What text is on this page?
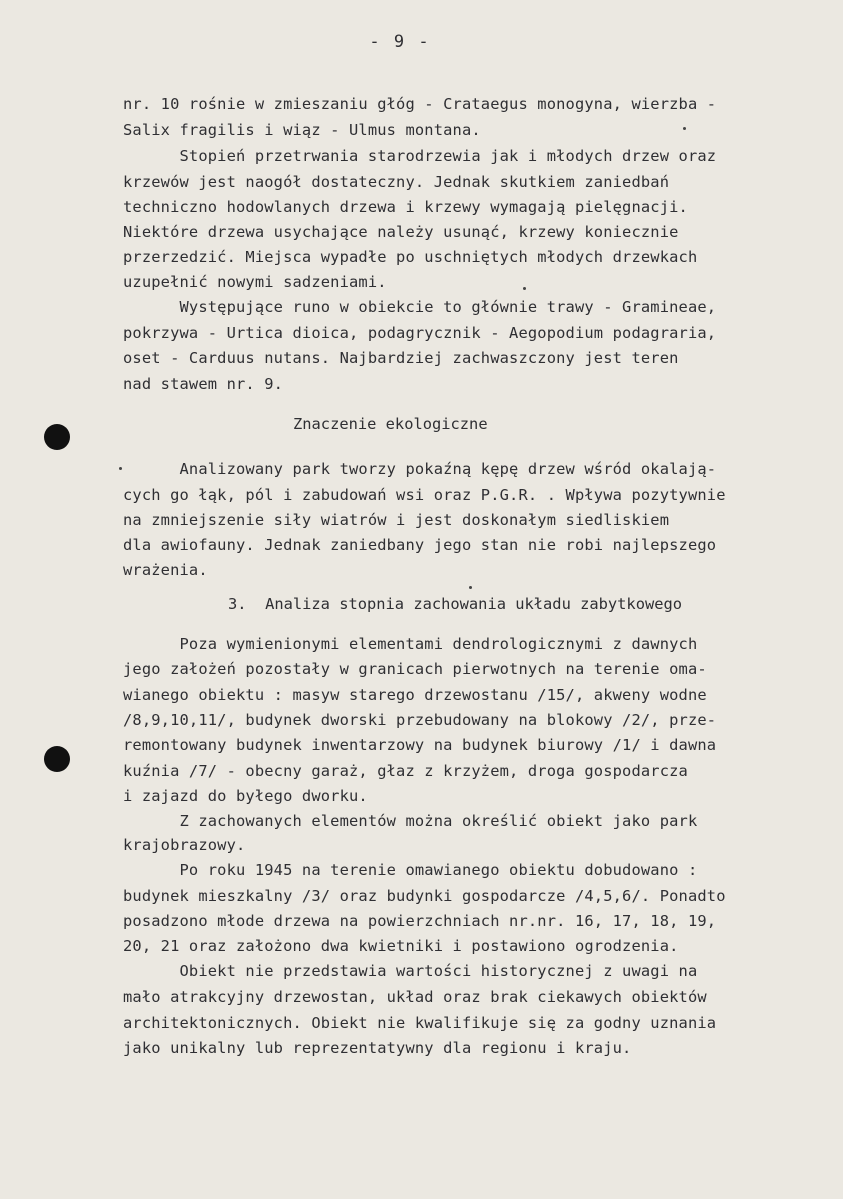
- 9 -
nr. 10 rośnie w zmieszaniu głóg - Crataegus monogyna, wierzba -
Salix fragilis i wiąz - Ulmus montana.
Stopień przetrwania starodrzewia jak i młodych drzew oraz
krzewów jest naogół dostateczny. Jednak skutkiem zaniedbań
techniczno hodowlanych drzewa i krzewy wymagają pielęgnacji.
Niektóre drzewa usychające należy usunąć, krzewy koniecznie
przerzedzić. Miejsca wypadłe po uschniętych młodych drzewkach
uzupełnić nowymi sadzeniami.
Występujące runo w obiekcie to głównie trawy - Gramineae,
pokrzywa - Urtica dioica, podagrycznik - Aegopodium podagraria,
oset - Carduus nutans. Najbardziej zachwaszczony jest teren
nad stawem nr. 9.
Znaczenie ekologiczne
Analizowany park tworzy pokaźną kępę drzew wśród okalają-
cych go łąk, pól i zabudowań wsi oraz P.G.R. . Wpływa pozytywnie
na zmniejszenie siły wiatrów i jest doskonałym siedliskiem
dla awiofauny. Jednak zaniedbany jego stan nie robi najlepszego
wrażenia.
3.  Analiza stopnia zachowania układu zabytkowego
Poza wymienionymi elementami dendrologicznymi z dawnych
jego założeń pozostały w granicach pierwotnych na terenie oma-
wianego obiektu : masyw starego drzewostanu /15/, akweny wodne
/8,9,10,11/, budynek dworski przebudowany na blokowy /2/, prze-
remontowany budynek inwentarzowy na budynek biurowy /1/ i dawna
kuźnia /7/ - obecny garaż, głaz z krzyżem, droga gospodarcza
i zajazd do byłego dworku.
Z zachowanych elementów można określić obiekt jako park
krajobrazowy.
Po roku 1945 na terenie omawianego obiektu dobudowano :
budynek mieszkalny /3/ oraz budynki gospodarcze /4,5,6/. Ponadto
posadzono młode drzewa na powierzchniach nr.nr. 16, 17, 18, 19,
20, 21 oraz założono dwa kwietniki i postawiono ogrodzenia.
Obiekt nie przedstawia wartości historycznej z uwagi na
mało atrakcyjny drzewostan, układ oraz brak ciekawych obiektów
architektonicznych. Obiekt nie kwalifikuje się za godny uznania
jako unikalny lub reprezentatywny dla regionu i kraju.
